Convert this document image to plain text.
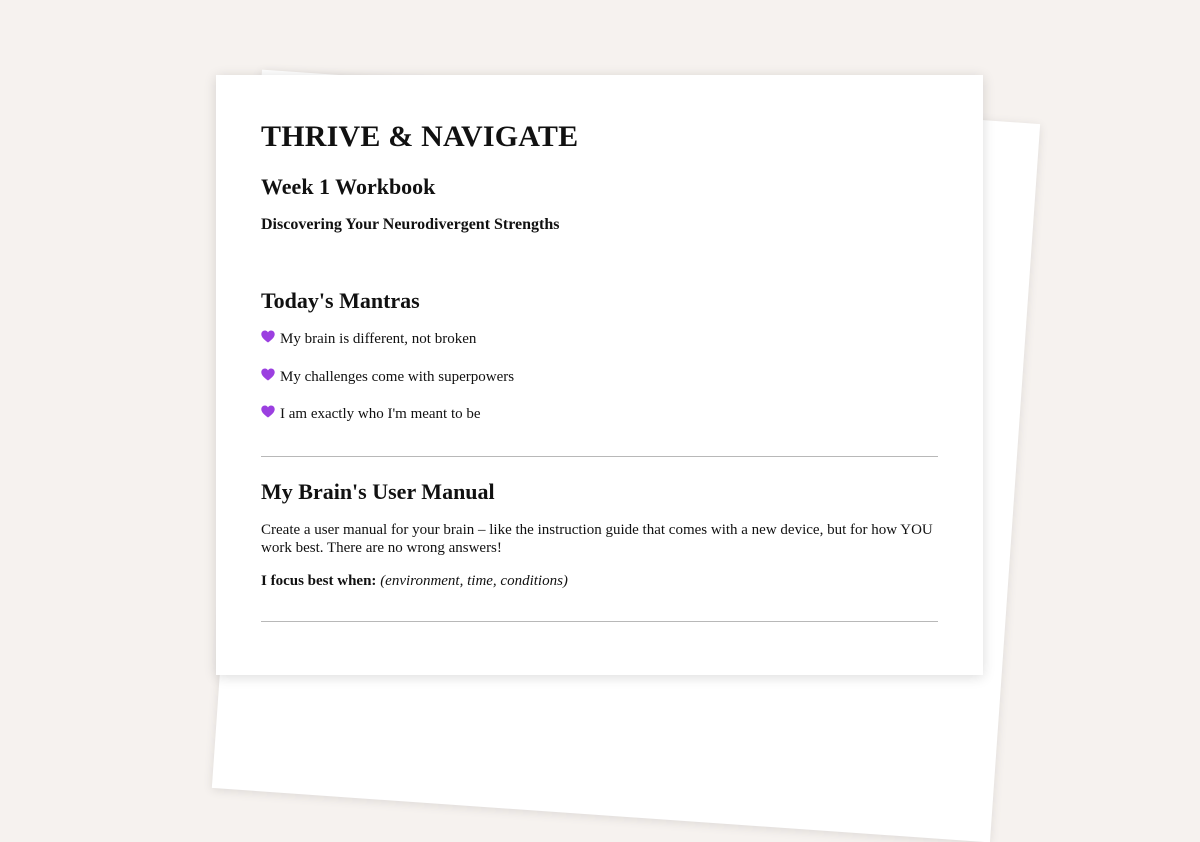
THRIVE & NAVIGATE
Week 1 Workbook

Discovering Your Neurodivergent Strengths

Today's Mantras
My brain is different, not broken
My challenges come with superpowers
I am exactly who I'm meant to be
My Brain's User Manual

Create a user manual for your brain – like the instruction guide that comes with a new device, but for how YOU work best. There are no wrong answers!

I focus best when: (environment, time, conditions)
